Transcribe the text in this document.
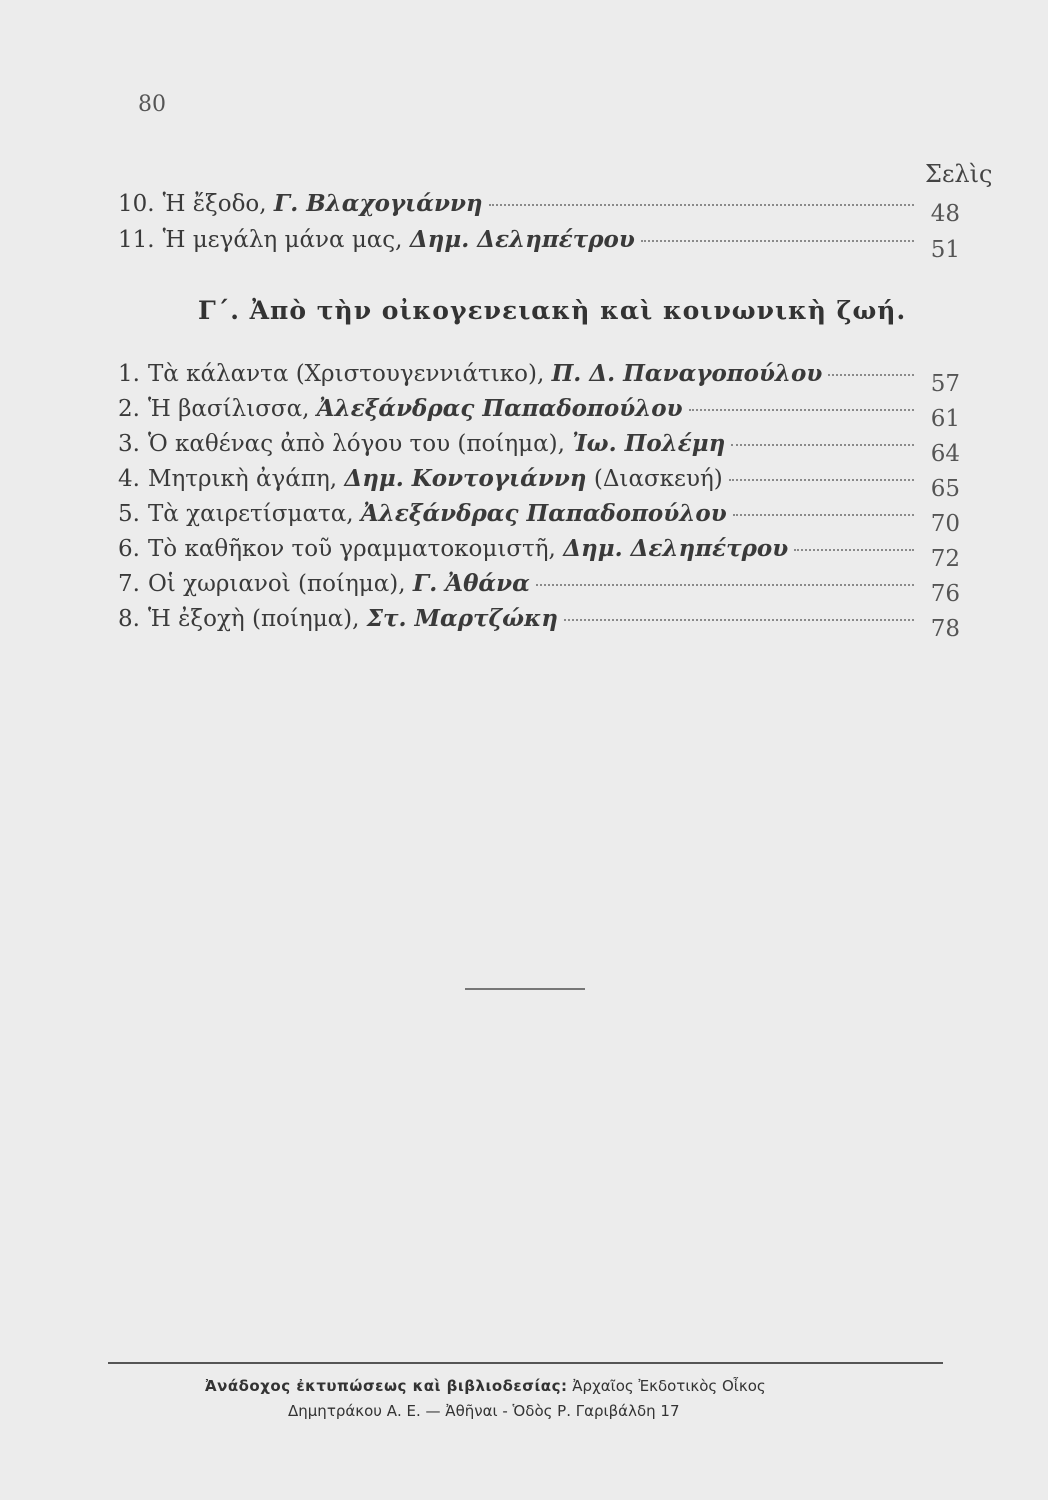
80
Σελὶς
10. Ἡ ἔξοδο, Γ. Βλαχογιάννη	48
11. Ἡ μεγάλη μάνα μας, Δημ. Δεληπέτρου	51
Γ΄. Ἀπὸ τὴν οἰκογενειακὴ καὶ κοινωνικὴ ζωή.
1. Τὰ κάλαντα (Χριστουγεννιάτικο), Π. Δ. Παναγοπούλου	57
2. Ἡ βασίλισσα, Ἀλεξάνδρας Παπαδοπούλου	61
3. Ὁ καθένας ἀπὸ λόγου του (ποίημα), Ἰω. Πολέμη	64
4. Μητρικὴ ἀγάπη, Δημ. Κοντογιάννη (Διασκευή)	65
5. Τὰ χαιρετίσματα, Ἀλεξάνδρας Παπαδοπούλου	70
6. Τὸ καθῆκον τοῦ γραμματοκομιστῆ, Δημ. Δεληπέτρου	72
7. Οἱ χωριανοὶ (ποίημα), Γ. Ἀθάνα	76
8. Ἡ ἐξοχὴ (ποίημα), Στ. Μαρτζώκη	78
Ἀνάδοχος ἐκτυπώσεως καὶ βιβλιοδεσίας: Ἀρχαῖος Ἐκδοτικὸς Οἶκος
Δημητράκου Α. Ε. — Ἀθῆναι - Ὁδὸς Ρ. Γαριβάλδη 17
